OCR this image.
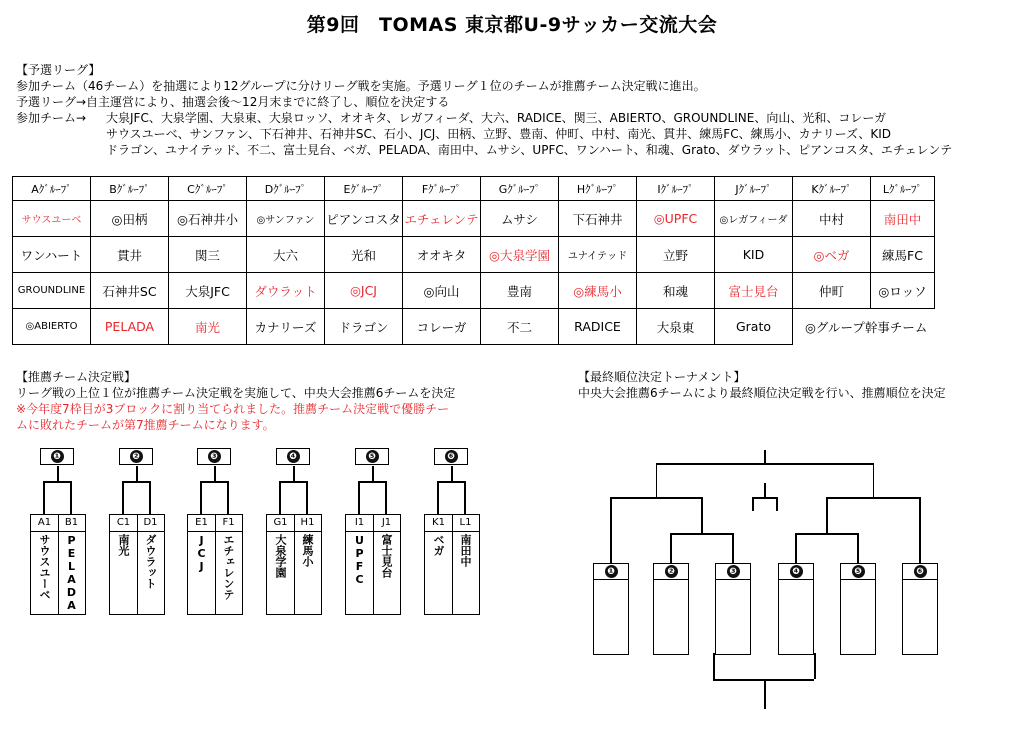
第9回　TOMAS 東京都U-9サッカー交流大会
【予選リーグ】
参加チーム（46チーム）を抽選により12グループに分けリーグ戦を実施。予選リーグ１位のチームが推薦チーム決定戦に進出。
予選リーグ→自主運営により、抽選会後～12月末までに終了し、順位を決定する
参加チーム→ 大泉JFC、大泉学園、大泉東、大泉ロッソ、オオキタ、レガフィーダ、大六、RADICE、関三、ABIERTO、GROUNDLINE、向山、光和、コレーガ
サウスユーベ、サンファン、下石神井、石神井SC、石小、JCJ、田柄、立野、豊南、仲町、中村、南光、貫井、練馬FC、練馬小、カナリーズ、KID
ドラゴン、ユナイテッド、不二、富士見台、ベガ、PELADA、南田中、ムサシ、UPFC、ワンハート、和魂、Grato、ダウラット、ピアンコスタ、エチェレンテ
Aｸﾞﾙｰﾌﾟ	Bｸﾞﾙｰﾌﾟ	Cｸﾞﾙｰﾌﾟ	Dｸﾞﾙｰﾌﾟ	Eｸﾞﾙｰﾌﾟ	Fｸﾞﾙｰﾌﾟ	Gｸﾞﾙｰﾌﾟ	Hｸﾞﾙｰﾌﾟ	Iｸﾞﾙｰﾌﾟ	Jｸﾞﾙｰﾌﾟ	Kｸﾞﾙｰﾌﾟ	Lｸﾞﾙｰﾌﾟ
サウスユーベ	◎田柄	◎石神井小	◎サンファン	ピアンコスタ	エチェレンテ	ムサシ	下石神井	◎UPFC	◎レガフィーダ	中村	南田中
ワンハート	貫井	関三	大六	光和	オオキタ	◎大泉学園	ユナイテッド	立野	KID	◎ベガ	練馬FC
GROUNDLINE	石神井SC	大泉JFC	ダウラット	◎JCJ	◎向山	豊南	◎練馬小	和魂	富士見台	仲町	◎ロッソ
◎ABIERTO	PELADA	南光	カナリーズ	ドラゴン	コレーガ	不二	RADICE	大泉東	Grato	◎グループ幹事チーム	
【推薦チーム決定戦】
リーグ戦の上位１位が推薦チーム決定戦を実施して、中央大会推薦6チームを決定
※今年度7枠目が3ブロックに割り当てられました。推薦チーム決定戦で優勝チー
ムに敗れたチームが第7推薦チームになります。
【最終順位決定トーナメント】
中央大会推薦6チームにより最終順位決定戦を行い、推薦順位を決定
❶
A1	B1
サウスユーベ PELADA
❷
C1	D1
南光 ダウラット
❸
E1	F1
JCJ エチェレンテ
❹
G1	H1
大泉学園 練馬小
❺
I1	J1
UPFC 富士見台
❻
K1	L1
ベガ 南田中
❶	❷	❸	❹	❺	❻
